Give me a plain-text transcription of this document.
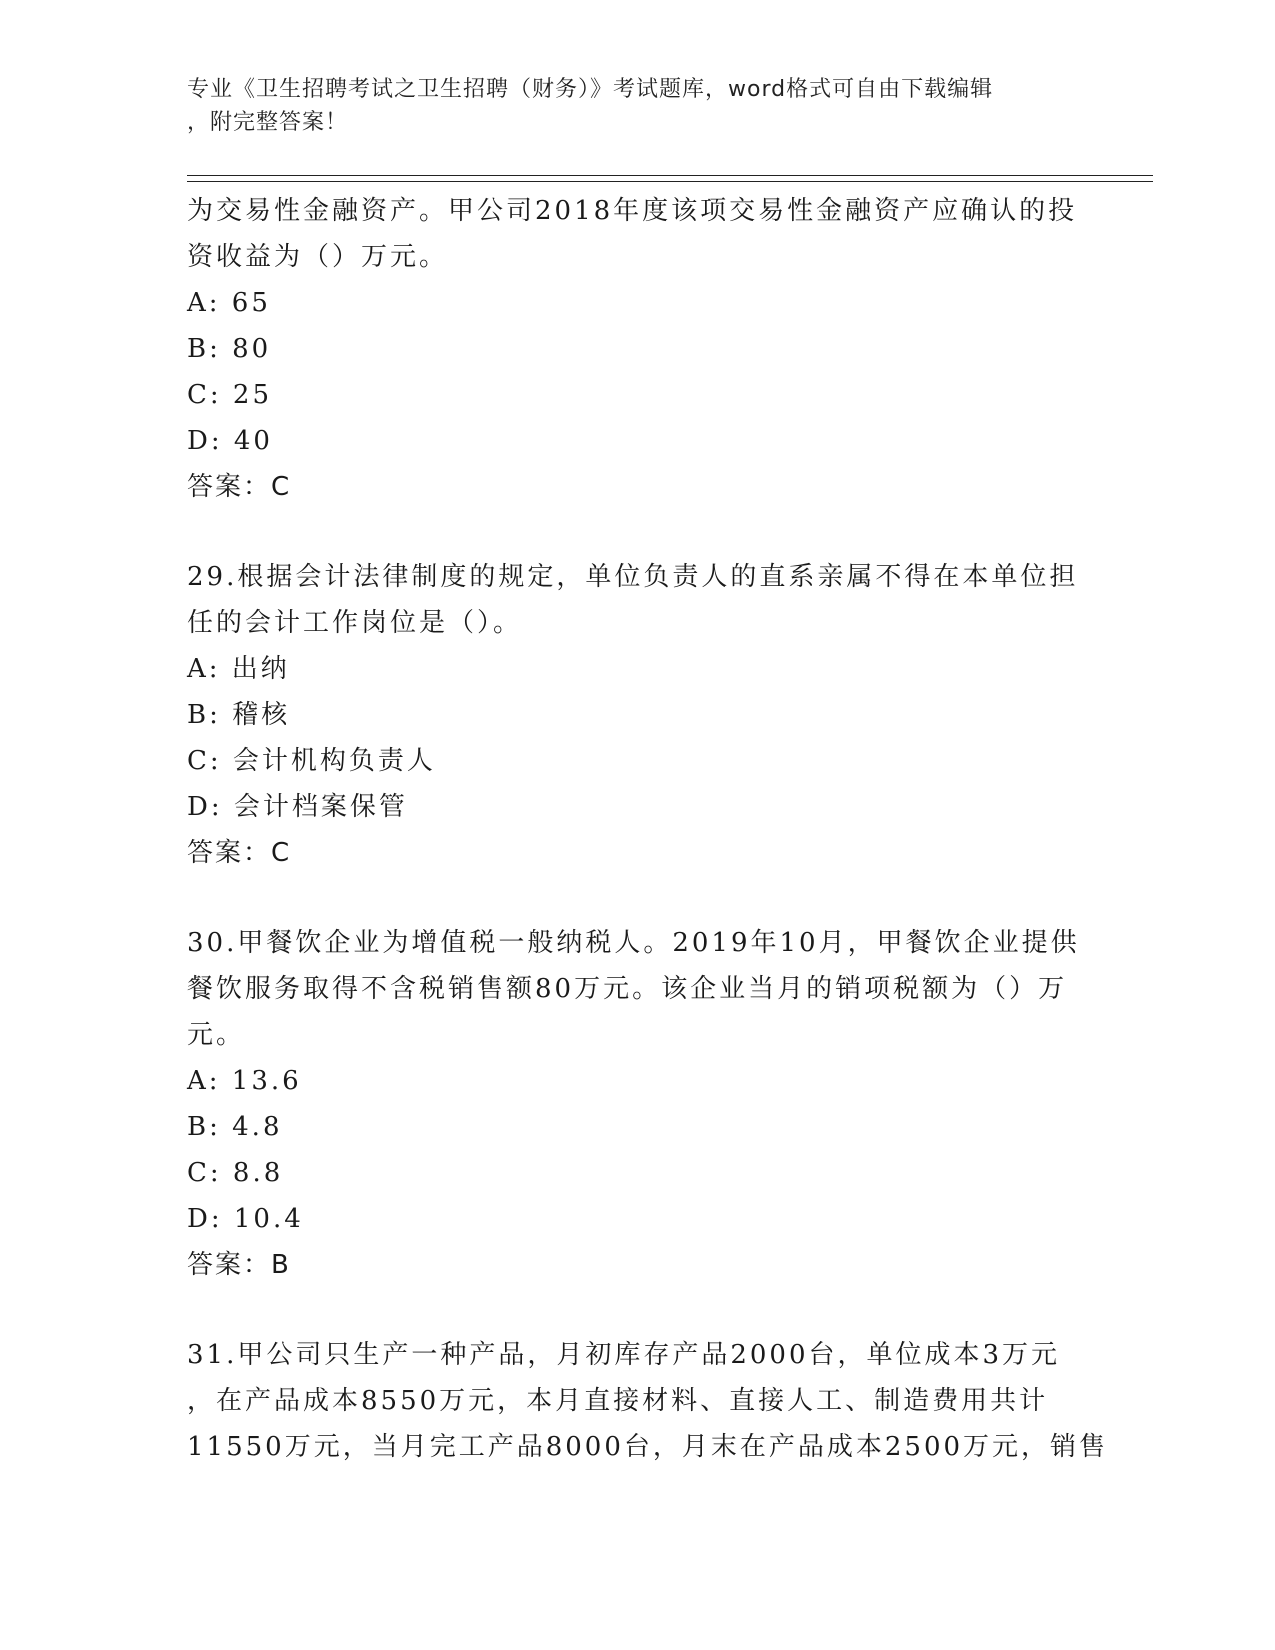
专业《卫生招聘考试之卫生招聘（财务）》考试题库，word格式可自由下载编辑
，附完整答案！
为交易性金融资产。甲公司2018年度该项交易性金融资产应确认的投
资收益为（）万元。
A: 65
B: 80
C: 25
D: 40
答案：C
29.根据会计法律制度的规定，单位负责人的直系亲属不得在本单位担
任的会计工作岗位是（）。
A: 出纳
B: 稽核
C: 会计机构负责人
D: 会计档案保管
答案：C
30.甲餐饮企业为增值税一般纳税人。2019年10月，甲餐饮企业提供
餐饮服务取得不含税销售额80万元。该企业当月的销项税额为（）万
元。
A: 13.6
B: 4.8
C: 8.8
D: 10.4
答案：B
31.甲公司只生产一种产品，月初库存产品2000台，单位成本3万元
，在产品成本8550万元，本月直接材料、直接人工、制造费用共计
11550万元，当月完工产品8000台，月末在产品成本2500万元，销售
